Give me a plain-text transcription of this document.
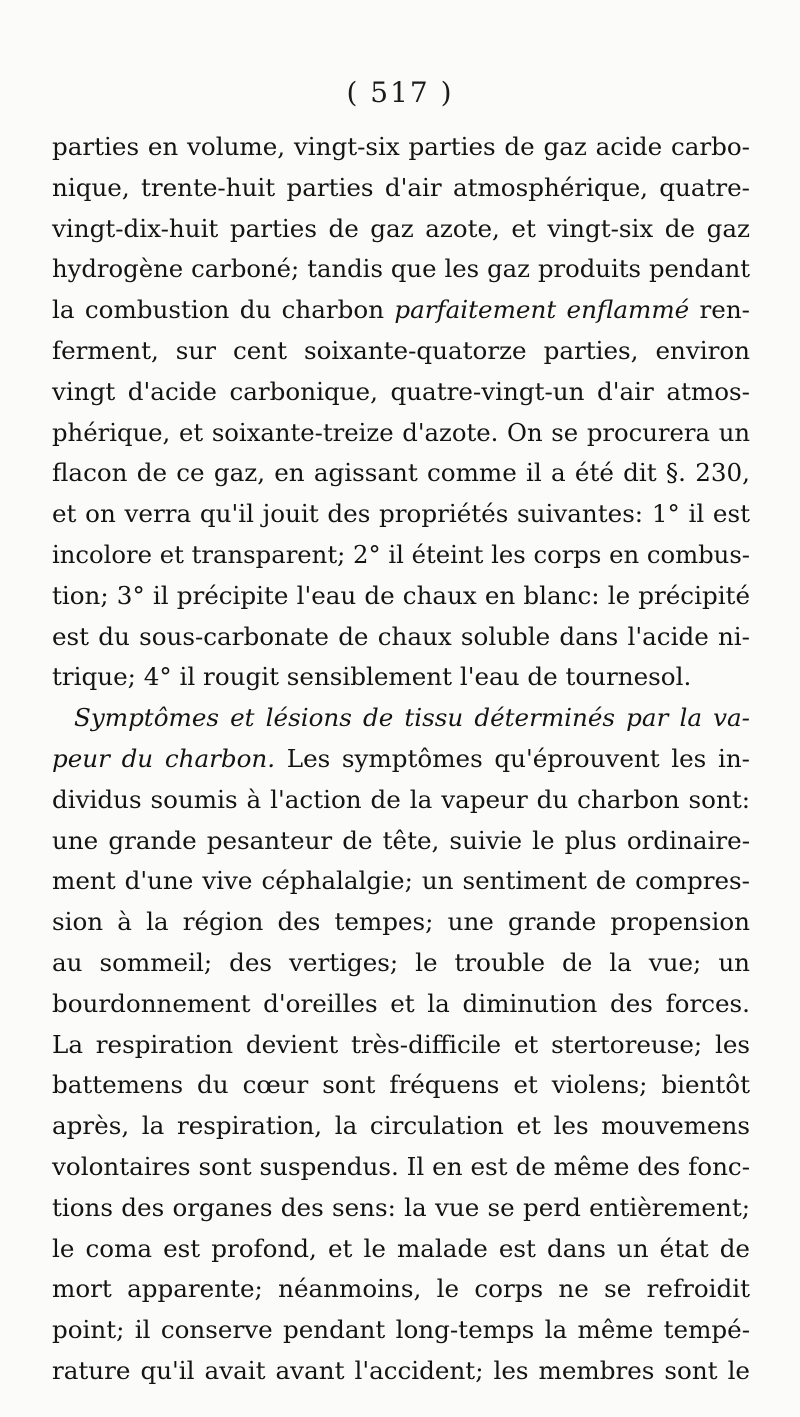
( 517 )
parties en volume, vingt-six parties de gaz acide carbo-
nique, trente-huit parties d'air atmosphérique, quatre-
vingt-dix-huit parties de gaz azote, et vingt-six de gaz
hydrogène carboné; tandis que les gaz produits pendant
la combustion du charbon parfaitement enflammé ren-
ferment, sur cent soixante-quatorze parties, environ
vingt d'acide carbonique, quatre-vingt-un d'air atmos-
phérique, et soixante-treize d'azote. On se procurera un
flacon de ce gaz, en agissant comme il a été dit §. 230,
et on verra qu'il jouit des propriétés suivantes: 1° il est
incolore et transparent; 2° il éteint les corps en combus-
tion; 3° il précipite l'eau de chaux en blanc: le précipité
est du sous-carbonate de chaux soluble dans l'acide ni-
trique; 4° il rougit sensiblement l'eau de tournesol.
Symptômes et lésions de tissu déterminés par la va-
peur du charbon. Les symptômes qu'éprouvent les in-
dividus soumis à l'action de la vapeur du charbon sont:
une grande pesanteur de tête, suivie le plus ordinaire-
ment d'une vive céphalalgie; un sentiment de compres-
sion à la région des tempes; une grande propension
au sommeil; des vertiges; le trouble de la vue; un
bourdonnement d'oreilles et la diminution des forces.
La respiration devient très-difficile et stertoreuse; les
battemens du cœur sont fréquens et violens; bientôt
après, la respiration, la circulation et les mouvemens
volontaires sont suspendus. Il en est de même des fonc-
tions des organes des sens: la vue se perd entièrement;
le coma est profond, et le malade est dans un état de
mort apparente; néanmoins, le corps ne se refroidit
point; il conserve pendant long-temps la même tempé-
rature qu'il avait avant l'accident; les membres sont le
